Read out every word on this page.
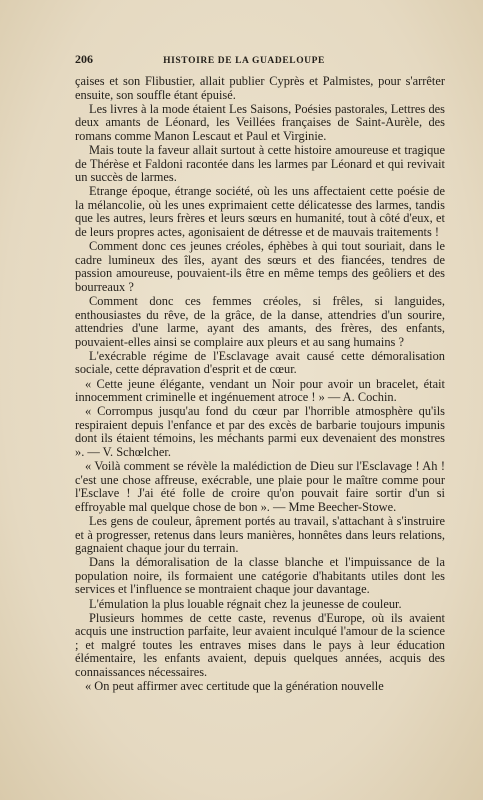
206	HISTOIRE DE LA GUADELOUPE

çaises et son Flibustier, allait publier Cyprès et Palmistes, pour s'arrêter ensuite, son souffle étant épuisé.

Les livres à la mode étaient Les Saisons, Poésies pastorales, Lettres des deux amants de Léonard, les Veillées françaises de Saint-Aurèle, des romans comme Manon Lescaut et Paul et Virginie.

Mais toute la faveur allait surtout à cette histoire amoureuse et tragique de Thérèse et Faldoni racontée dans les larmes par Léonard et qui revivait un succès de larmes.

Etrange époque, étrange société, où les uns affectaient cette poésie de la mélancolie, où les unes exprimaient cette délicatesse des larmes, tandis que les autres, leurs frères et leurs sœurs en humanité, tout à côté d'eux, et de leurs propres actes, agonisaient de détresse et de mauvais traitements !

Comment donc ces jeunes créoles, éphèbes à qui tout souriait, dans le cadre lumineux des îles, ayant des sœurs et des fiancées, tendres de passion amoureuse, pouvaient-ils être en même temps des geôliers et des bourreaux ?

Comment donc ces femmes créoles, si frêles, si languides, enthousiastes du rêve, de la grâce, de la danse, attendries d'un sourire, attendries d'une larme, ayant des amants, des frères, des enfants, pouvaient-elles ainsi se complaire aux pleurs et au sang humains ?

L'exécrable régime de l'Esclavage avait causé cette démoralisation sociale, cette dépravation d'esprit et de cœur.

« Cette jeune élégante, vendant un Noir pour avoir un bracelet, était innocemment criminelle et ingénuement atroce ! » — A. Cochin.

« Corrompus jusqu'au fond du cœur par l'horrible atmosphère qu'ils respiraient depuis l'enfance et par des excès de barbarie toujours impunis dont ils étaient témoins, les méchants parmi eux devenaient des monstres ». — V. Schœlcher.

« Voilà comment se révèle la malédiction de Dieu sur l'Esclavage ! Ah ! c'est une chose affreuse, exécrable, une plaie pour le maître comme pour l'Esclave ! J'ai été folle de croire qu'on pouvait faire sortir d'un si effroyable mal quelque chose de bon ». — Mme Beecher-Stowe.

Les gens de couleur, âprement portés au travail, s'attachant à s'instruire et à progresser, retenus dans leurs manières, honnêtes dans leurs relations, gagnaient chaque jour du terrain.

Dans la démoralisation de la classe blanche et l'impuissance de la population noire, ils formaient une catégorie d'habitants utiles dont les services et l'influence se montraient chaque jour davantage.

L'émulation la plus louable régnait chez la jeunesse de couleur.

Plusieurs hommes de cette caste, revenus d'Europe, où ils avaient acquis une instruction parfaite, leur avaient inculqué l'amour de la science ; et malgré toutes les entraves mises dans le pays à leur éducation élémentaire, les enfants avaient, depuis quelques années, acquis des connaissances nécessaires.

« On peut affirmer avec certitude que la génération nouvelle
